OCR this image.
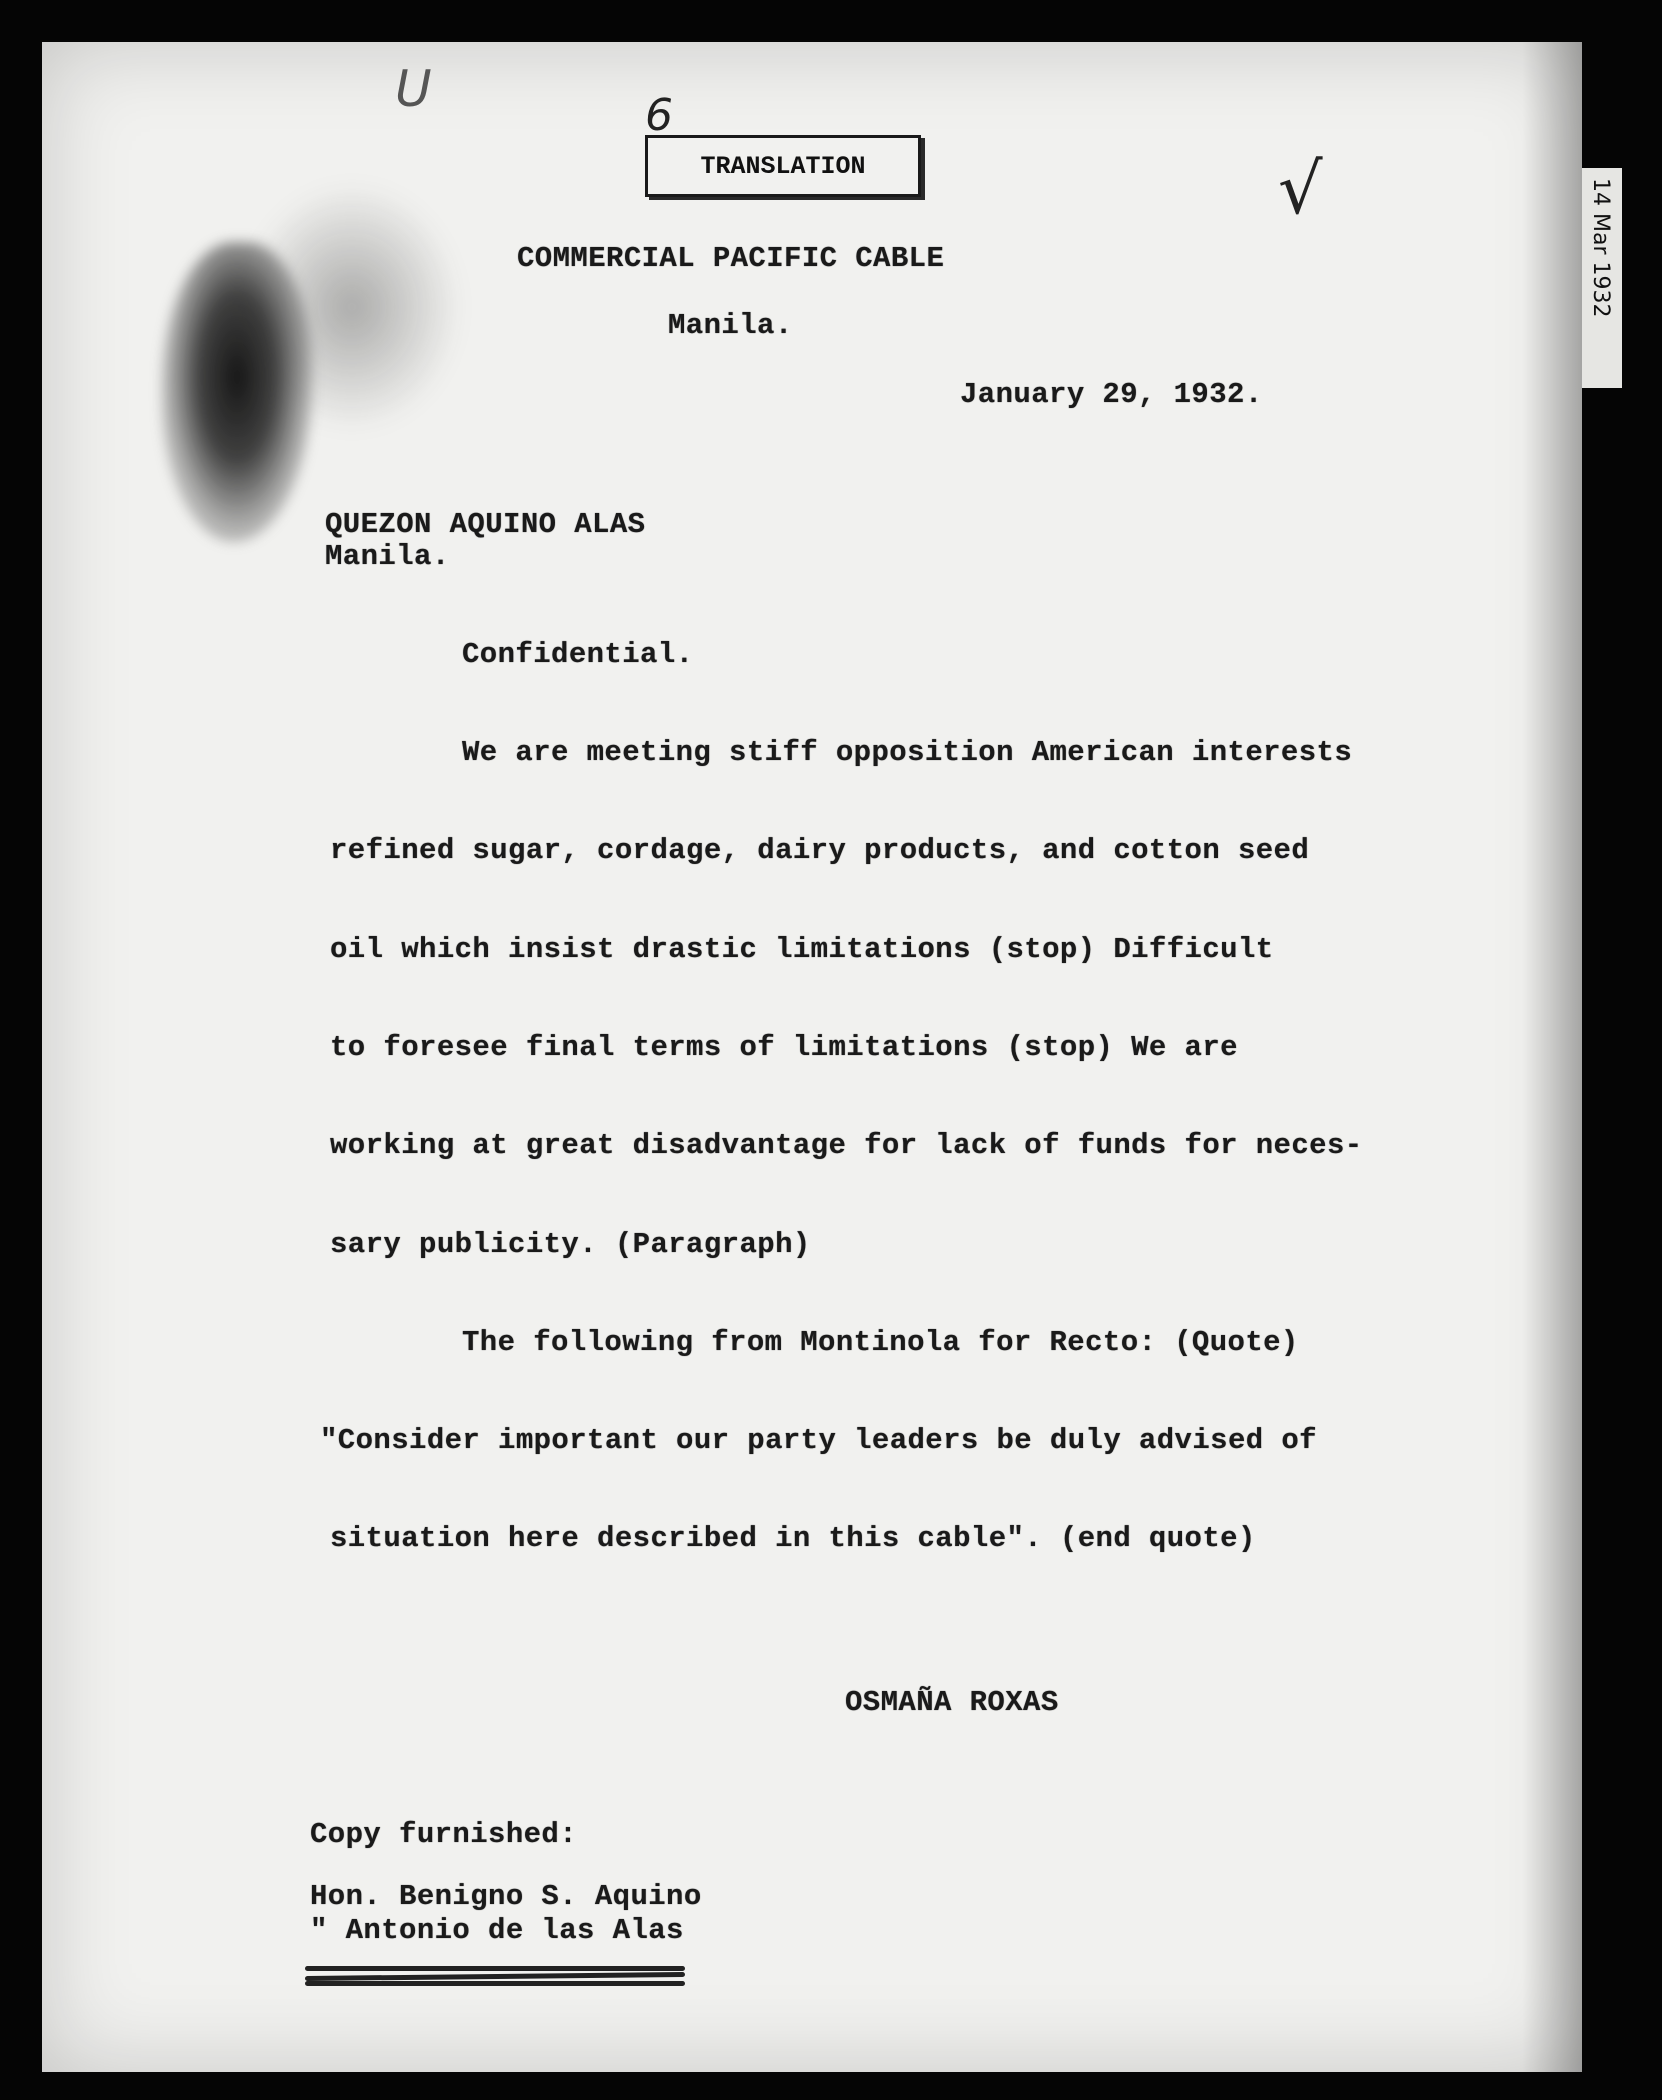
14 Mar 1932
6
U
√
TRANSLATION

COMMERCIAL PACIFIC CABLE

Manila.

January 29, 1932.

QUEZON AQUINO ALAS

Manila.

Confidential.

We are meeting stiff opposition American interests

refined sugar, cordage, dairy products, and cotton seed

oil which insist drastic limitations (stop) Difficult

to foresee final terms of limitations (stop) We are

working at great disadvantage for lack of funds for neces-

sary publicity. (Paragraph)

The following from Montinola for Recto: (Quote)

"Consider important our party leaders be duly advised of

situation here described in this cable". (end quote)

OSMAÑA ROXAS

Copy furnished:

Hon. Benigno S. Aquino

" Antonio de las Alas
